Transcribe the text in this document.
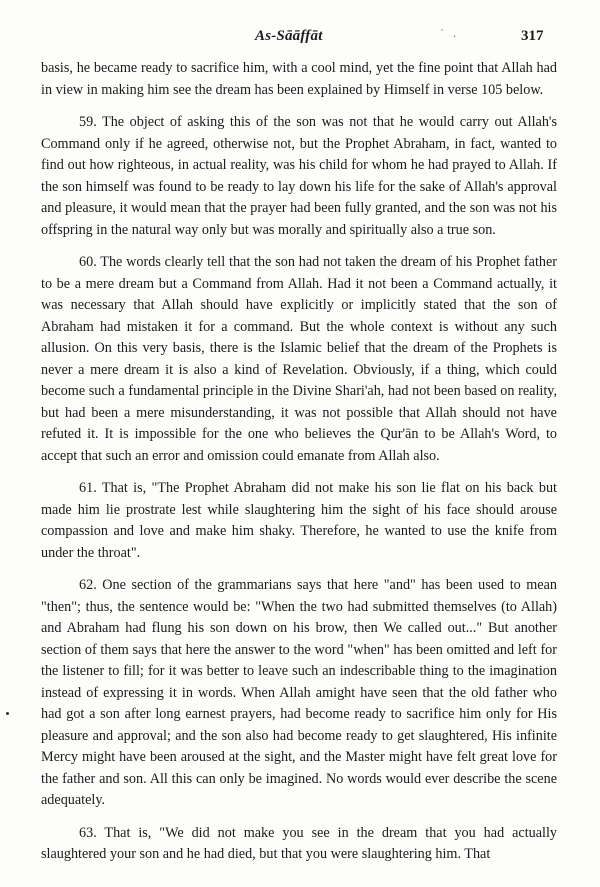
As-Sāāffāt	˙   .	317

basis, he became ready to sacrifice him, with a cool mind, yet the fine point that Allah had in view in making him see the dream has been explained by Himself in verse 105 below.

59. The object of asking this of the son was not that he would carry out Allah's Command only if he agreed, otherwise not, but the Prophet Abraham, in fact, wanted to find out how righteous, in actual reality, was his child for whom he had prayed to Allah. If the son himself was found to be ready to lay down his life for the sake of Allah's approval and pleasure, it would mean that the prayer had been fully granted, and the son was not his offspring in the natural way only but was morally and spiritually also a true son.

60. The words clearly tell that the son had not taken the dream of his Prophet father to be a mere dream but a Command from Allah. Had it not been a Command actually, it was necessary that Allah should have explicitly or implicitly stated that the son of Abraham had mistaken it for a command. But the whole context is without any such allusion. On this very basis, there is the Islamic belief that the dream of the Prophets is never a mere dream it is also a kind of Revelation. Obviously, if a thing, which could become such a fundamental principle in the Divine Shari'ah, had not been based on reality, but had been a mere misunderstanding, it was not possible that Allah should not have refuted it. It is impossible for the one who believes the Qur'ān to be Allah's Word, to accept that such an error and omission could emanate from Allah also.

61. That is, "The Prophet Abraham did not make his son lie flat on his back but made him lie prostrate lest while slaughtering him the sight of his face should arouse compassion and love and make him shaky. Therefore, he wanted to use the knife from under the throat".

62. One section of the grammarians says that here "and" has been used to mean "then"; thus, the sentence would be: "When the two had submitted themselves (to Allah) and Abraham had flung his son down on his brow, then We called out..." But another section of them says that here the answer to the word "when" has been omitted and left for the listener to fill; for it was better to leave such an indescribable thing to the imagination instead of expressing it in words. When Allah amight have seen that the old father who had got a son after long earnest prayers, had become ready to sacrifice him only for His pleasure and approval; and the son also had become ready to get slaughtered, His infinite Mercy might have been aroused at the sight, and the Master might have felt great love for the father and son. All this can only be imagined. No words would ever describe the scene adequately.

63. That is, "We did not make you see in the dream that you had actually slaughtered your son and he had died, but that you were slaughtering him. That
